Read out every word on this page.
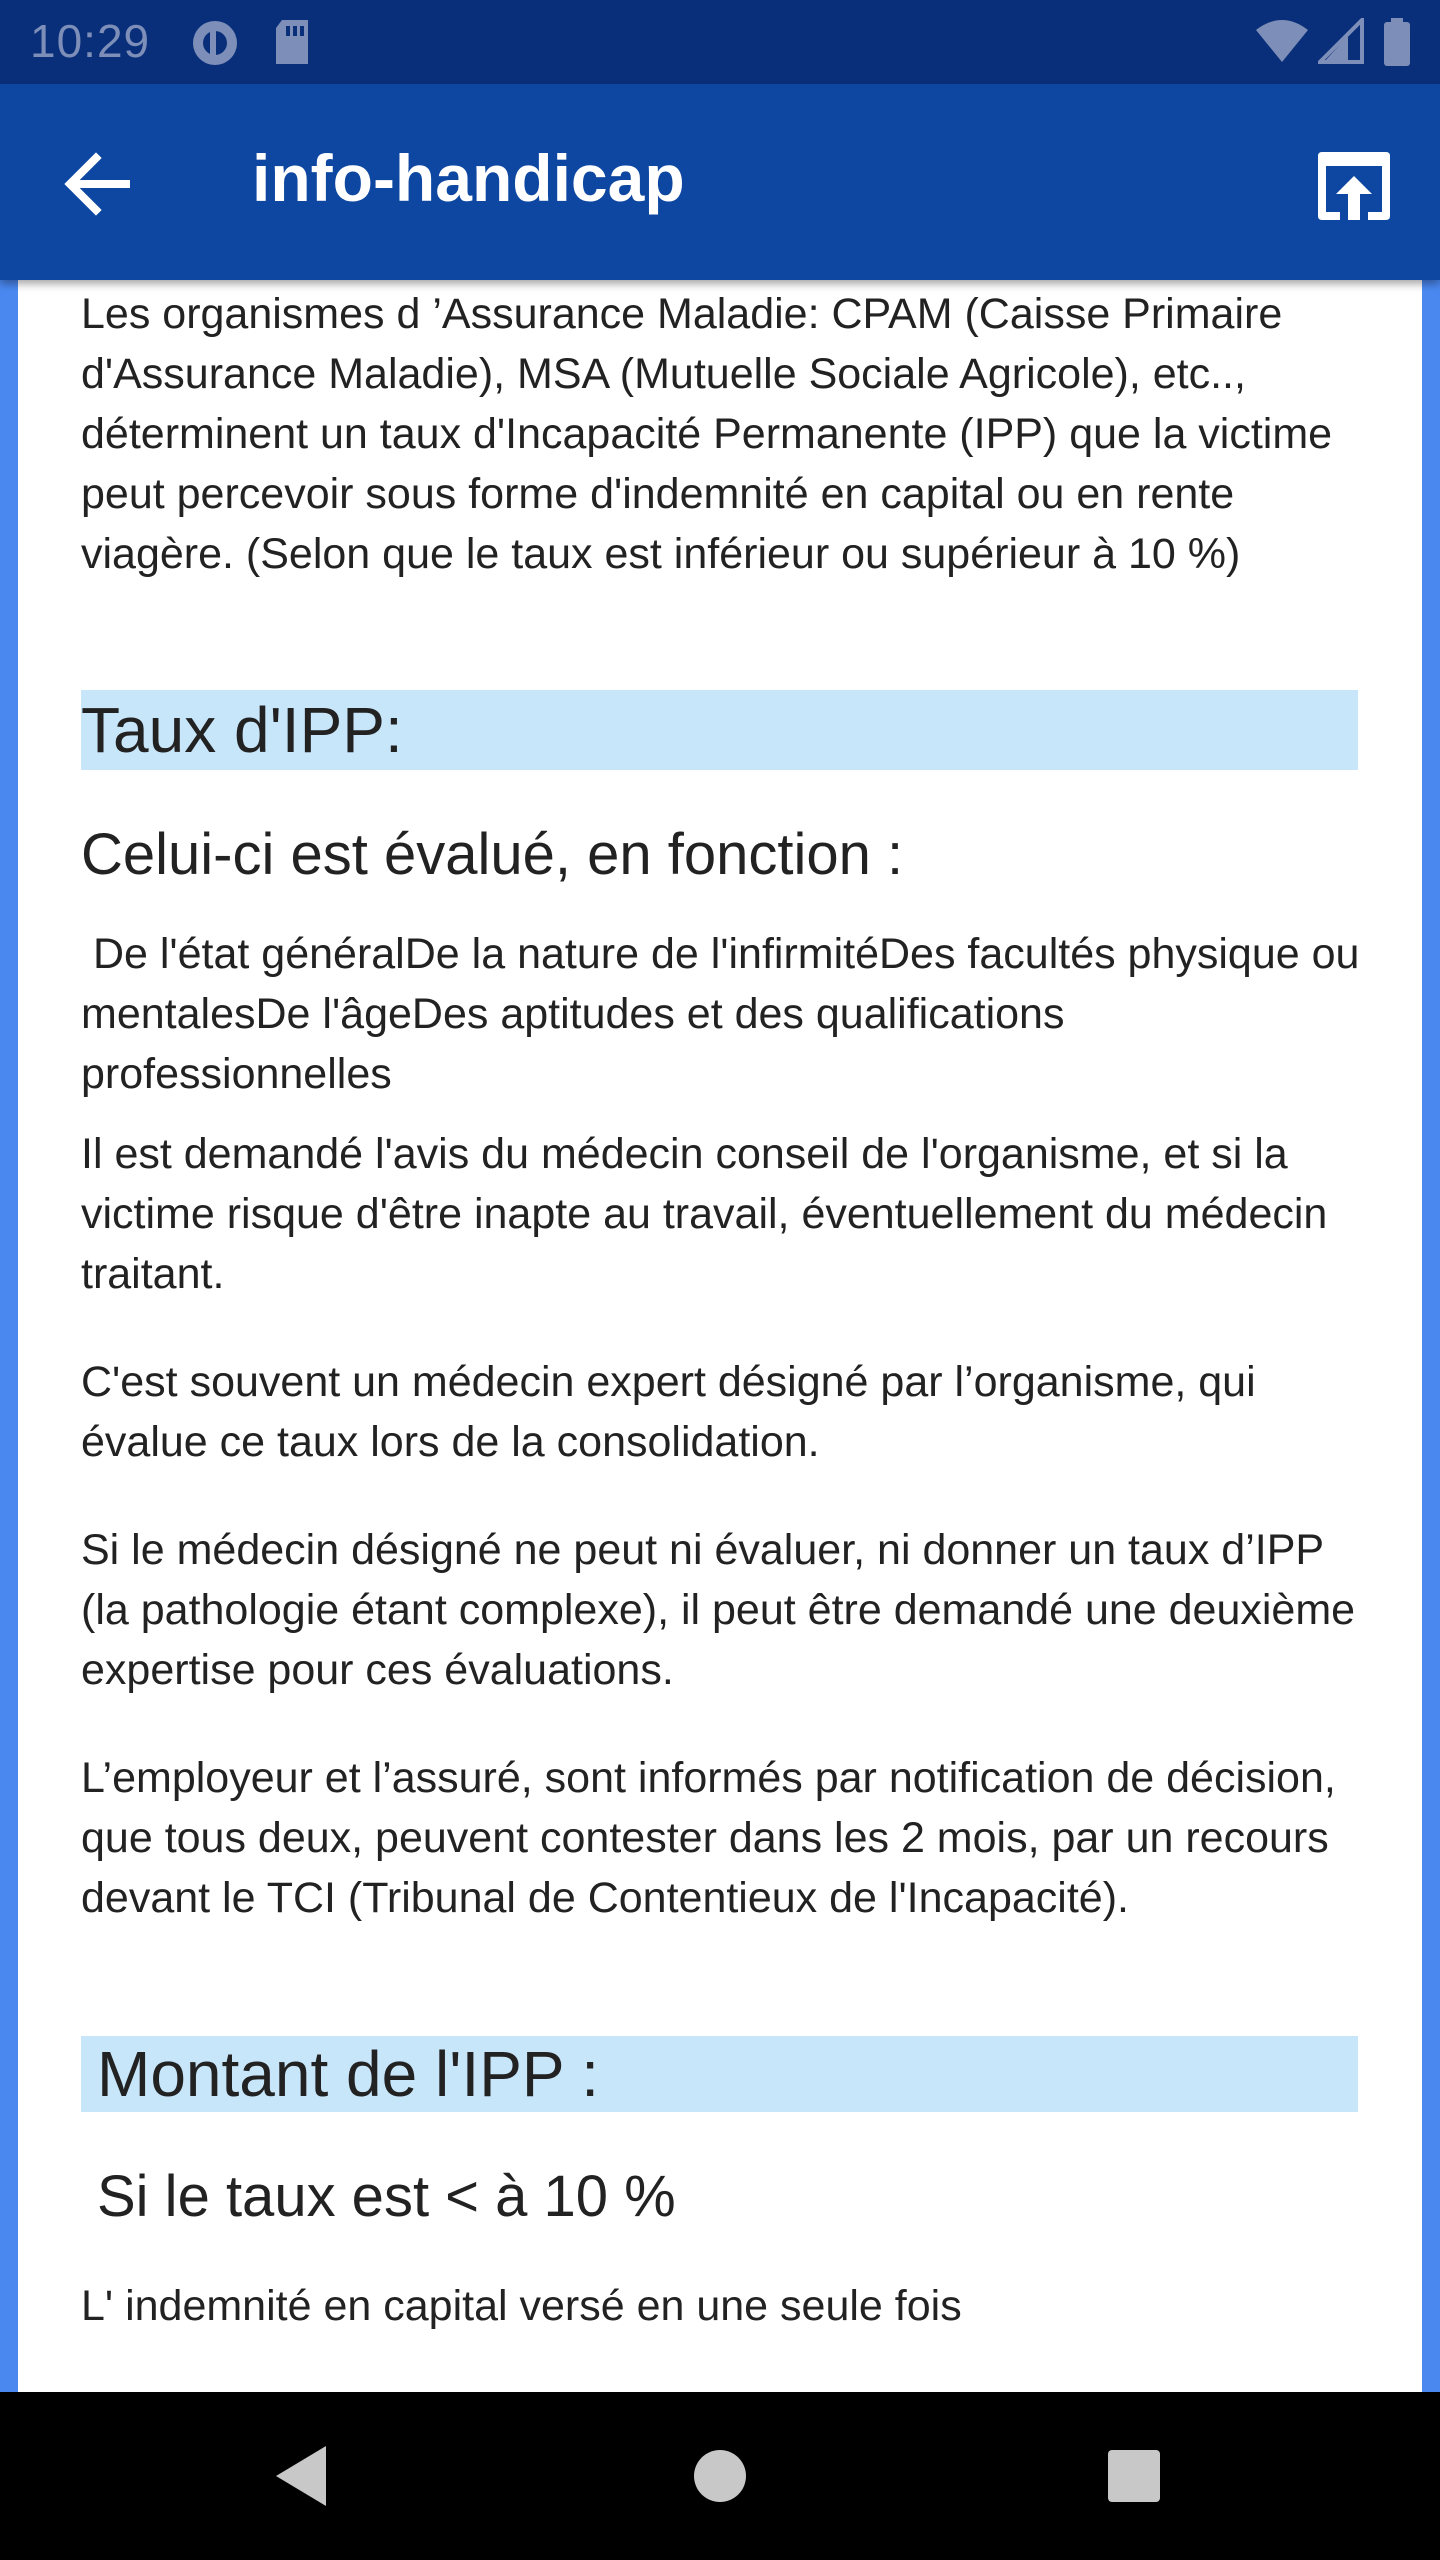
10:29
info-handicap

Les organismes d ’Assurance Maladie: CPAM (Caisse Primaire d'Assurance Maladie), MSA (Mutuelle Sociale Agricole), etc.., déterminent un taux d'Incapacité Permanente (IPP) que la victime peut percevoir sous forme d'indemnité en capital ou en rente viagère. (Selon que le taux est inférieur ou supérieur à 10 %)

Taux d'IPP:
Celui-ci est évalué, en fonction :

De l'état généralDe la nature de l'infirmitéDes facultés physique ou mentalesDe l'âgeDes aptitudes et des qualifications professionnelles

Il est demandé l'avis du médecin conseil de l'organisme, et si la victime risque d'être inapte au travail, éventuellement du médecin traitant.

C'est souvent un médecin expert désigné par l’organisme, qui évalue ce taux lors de la consolidation.

Si le médecin désigné ne peut ni évaluer, ni donner un taux d’IPP (la pathologie étant complexe), il peut être demandé une deuxième expertise pour ces évaluations.

L’employeur et l’assuré, sont informés par notification de décision, que tous deux, peuvent contester dans les 2 mois, par un recours devant le TCI (Tribunal de Contentieux de l'Incapacité).

Montant de l'IPP :
Si le taux est < à 10 %

L' indemnité en capital versé en une seule fois
